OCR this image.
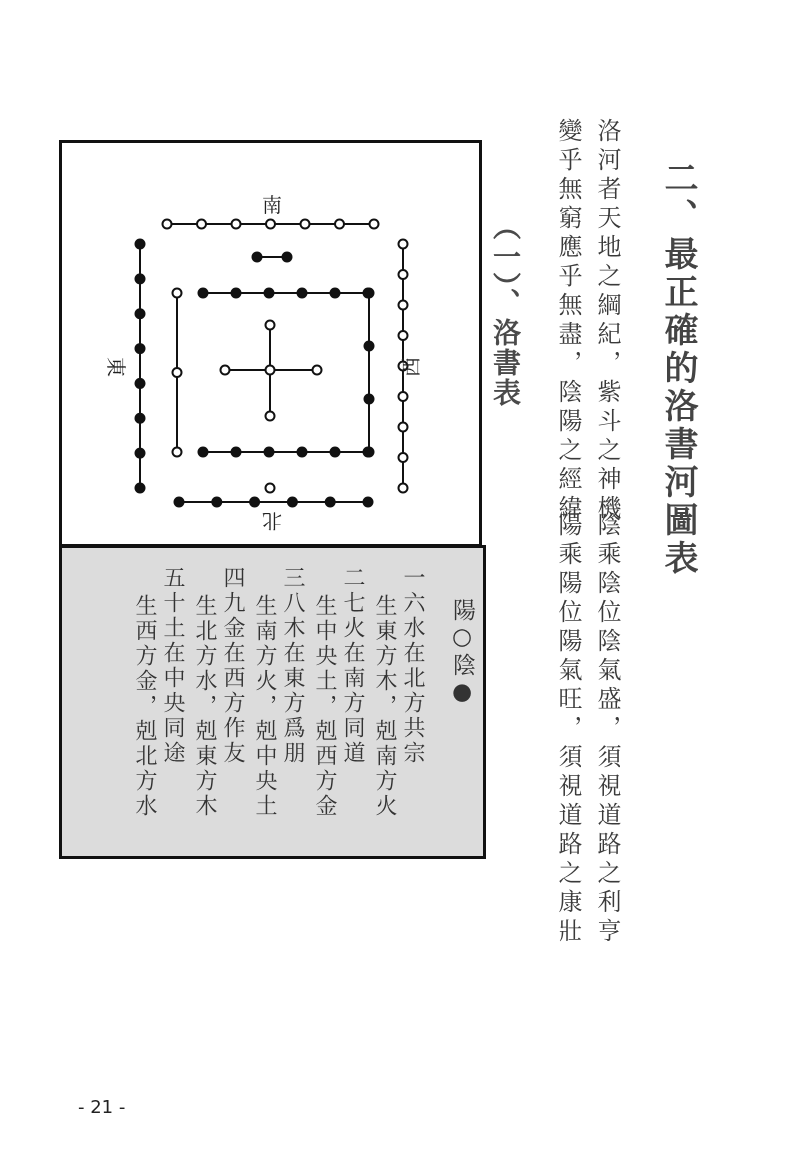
二、最正確的洛書河圖表
洛河者天地之綱紀，紫斗之神機
陰乘陰位陰氣盛，須視道路之利亨
變乎無窮應乎無盡，陰陽之經緯
陽乘陽位陽氣旺，須視道路之康壯
（一）、洛書表
南
北
東	西
陽○陰●
一六水在北方共宗
生東方木，剋南方火
二七火在南方同道
生中央土，剋西方金
三八木在東方爲朋
生南方火，剋中央土
四九金在西方作友
生北方水，剋東方木
五十土在中央同途
生西方金，剋北方水
- 21 -
